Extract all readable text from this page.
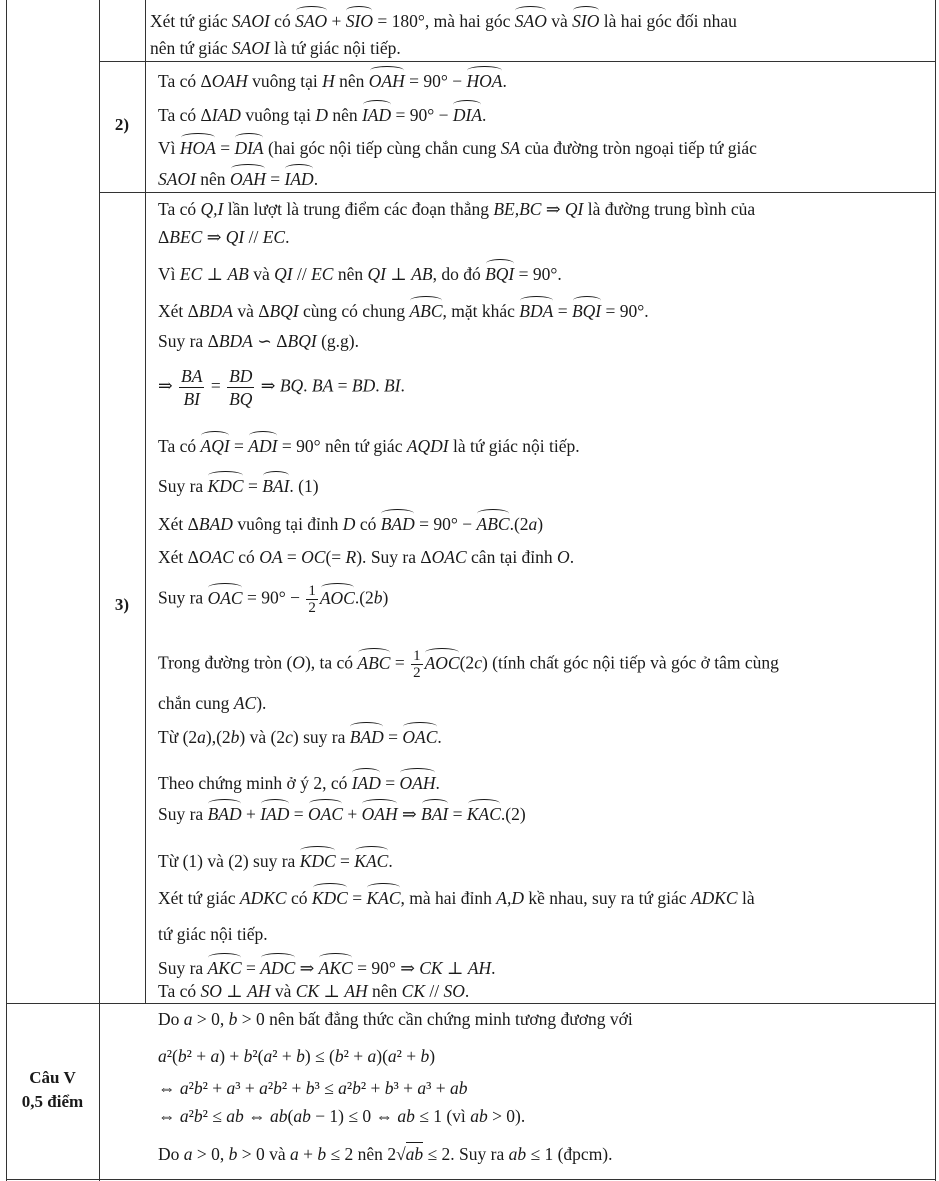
2)
3)
Câu V
0,5 điểm
Xét tứ giác SAOI có SAO + SIO = 180°, mà hai góc SAO và SIO là hai góc đối nhau
nên tứ giác SAOI là tứ giác nội tiếp.
Ta có ΔOAH vuông tại H nên OAH = 90° − HOA.
Ta có ΔIAD vuông tại D nên IAD = 90° − DIA.
Vì HOA = DIA (hai góc nội tiếp cùng chắn cung SA của đường tròn ngoại tiếp tứ giác
SAOI nên OAH = IAD.
Ta có Q,I lần lượt là trung điểm các đoạn thẳng BE,BC ⇒ QI là đường trung bình của
ΔBEC ⇒ QI // EC.
Vì EC ⊥ AB và QI // EC nên QI ⊥ AB, do đó BQI = 90°.
Xét ΔBDA và ΔBQI cùng có chung ABC, mặt khác BDA = BQI = 90°.
Suy ra ΔBDA ∽ ΔBQI (g.g).
⇒ $\frac{BA}{BI} = \frac{BD}{BQ}$ ⇒ BQ. BA = BD. BI.
Ta có AQI = ADI = 90° nên tứ giác AQDI là tứ giác nội tiếp.
Suy ra KDC = BAI. (1)
Xét ΔBAD vuông tại đỉnh D có BAD = 90° − ABC.(2a)
Xét ΔOAC có OA = OC(= R). Suy ra ΔOAC cân tại đỉnh O.
Suy ra OAC = $90^\circ - \frac{1}{2} AOC.(2b)$
Trong đường tròn (O), ta có ABC = $\frac{1}{2} AOC(2c)$ (tính chất góc nội tiếp và góc ở tâm cùng
chắn cung AC).
Từ (2a),(2b) và (2c) suy ra BAD = OAC.
Theo chứng minh ở ý 2, có IAD = OAH.
Suy ra BAD + IAD = OAC + OAH ⇒ BAI = KAC.(2)
Từ (1) và (2) suy ra KDC = KAC.
Xét tứ giác ADKC có KDC = KAC, mà hai đỉnh A,D kề nhau, suy ra tứ giác ADKC là
tứ giác nội tiếp.
Suy ra AKC = ADC ⇒ AKC = 90° ⇒ CK ⊥ AH.
Ta có SO ⊥ AH và CK ⊥ AH nên CK // SO.
Do a > 0, b > 0 nên bất đẳng thức cần chứng minh tương đương với
a²(b² + a) + b²(a² + b) ≤ (b² + a)(a² + b)
⇔ a²b² + a³ + a²b² + b³ ≤ a²b² + b³ + a³ + ab
⇔ a²b² ≤ ab ⇔ ab(ab − 1) ≤ 0 ⇔ ab ≤ 1 (vì ab > 0).
Do a > 0, b > 0 và a + b ≤ 2 nên 2√ab ≤ 2. Suy ra ab ≤ 1 (đpcm).
